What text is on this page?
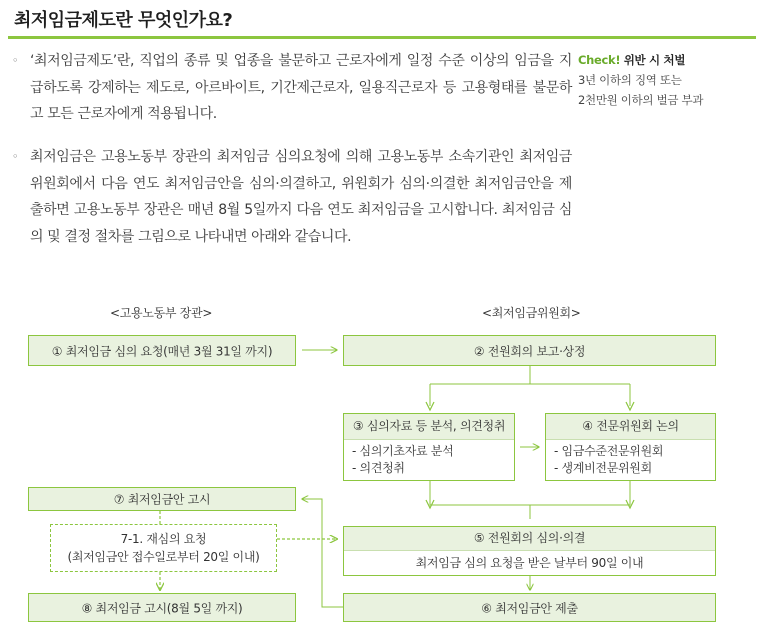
최저임금제도란 무엇인가요?
◦ ‘최저임금제도’란, 직업의 종류 및 업종을 불문하고 근로자에게 일정 수준 이상의 임금을 지급하도록 강제하는 제도로, 아르바이트, 기간제근로자, 일용직근로자 등 고용형태를 불문하고 모든 근로자에게 적용됩니다.
◦ 최저임금은 고용노동부 장관의 최저임금 심의요청에 의해 고용노동부 소속기관인 최저임금위원회에서 다음 연도 최저임금안을 심의·의결하고, 위원회가 심의·의결한 최저임금안을 제출하면 고용노동부 장관은 매년 8월 5일까지 다음 연도 최저임금을 고시합니다. 최저임금 심의 및 결정 절차를 그림으로 나타내면 아래와 같습니다.
Check! 위반 시 처벌
3년 이하의 징역 또는
2천만원 이하의 벌금 부과
<고용노동부 장관>	<최저임금위원회>
① 최저임금 심의 요청(매년 3월 31일 까지)	② 전원회의 보고·상정
③ 심의자료 등 분석, 의견청취
- 심의기초자료 분석
- 의견청취
④ 전문위원회 논의
- 임금수준전문위원회
- 생계비전문위원회
⑦ 최저임금안 고시
7-1. 재심의 요청
(최저임금안 접수일로부터 20일 이내)
⑤ 전원회의 심의·의결
최저임금 심의 요청을 받은 날부터 90일 이내
⑧ 최저임금 고시(8월 5일 까지)	⑥ 최저임금안 제출
